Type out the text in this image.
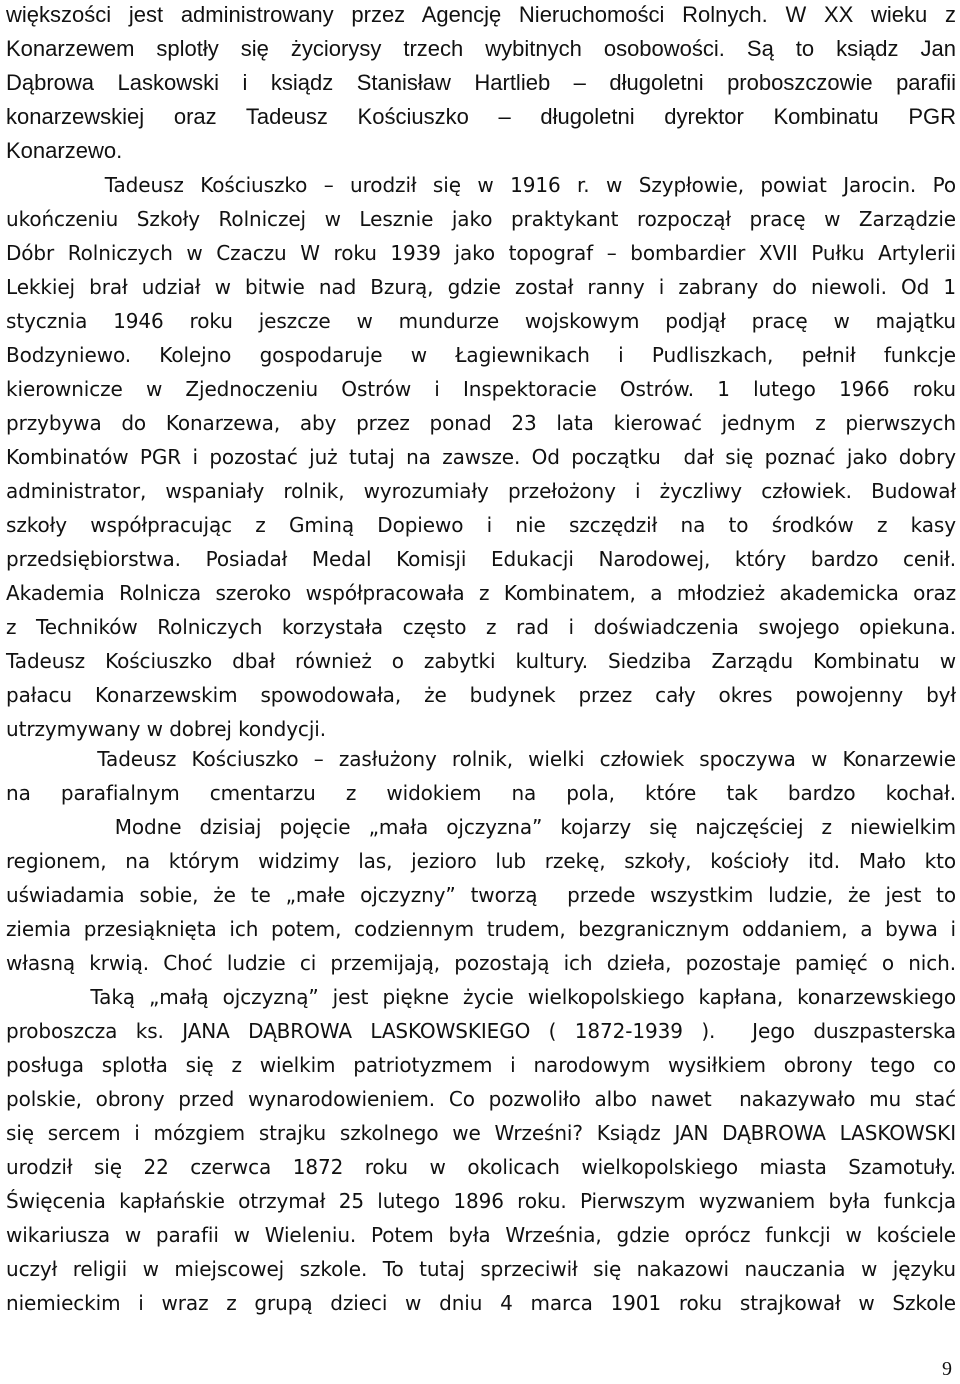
większości jest administrowany przez Agencję Nieruchomości Rolnych. W XX wieku z
Konarzewem splotły się życiorysy trzech wybitnych osobowości. Są to ksiądz Jan
Dąbrowa Laskowski i ksiądz Stanisław Hartlieb – długoletni proboszczowie parafii
konarzewskiej oraz Tadeusz Kościuszko – długoletni dyrektor Kombinatu PGR
Konarzewo.
Tadeusz Kościuszko – urodził się w 1916 r. w Szypłowie, powiat Jarocin. Po
ukończeniu Szkoły Rolniczej w Lesznie jako praktykant rozpoczął pracę w Zarządzie
Dóbr Rolniczych w Czaczu W roku 1939 jako topograf – bombardier XVII Pułku Artylerii
Lekkiej brał udział w bitwie nad Bzurą, gdzie został ranny i zabrany do niewoli. Od 1
stycznia 1946 roku jeszcze w mundurze wojskowym podjął pracę w majątku
Bodzyniewo. Kolejno gospodaruje w Łagiewnikach i Pudliszkach, pełnił funkcje
kierownicze w Zjednoczeniu Ostrów i Inspektoracie Ostrów. 1 lutego 1966 roku
przybywa do Konarzewa, aby przez ponad 23 lata kierować jednym z pierwszych
Kombinatów PGR i pozostać już tutaj na zawsze. Od początku  dał się poznać jako dobry
administrator, wspaniały rolnik, wyrozumiały przełożony i życzliwy człowiek. Budował
szkoły współpracując z Gminą Dopiewo i nie szczędził na to środków z kasy
przedsiębiorstwa. Posiadał Medal Komisji Edukacji Narodowej, który bardzo cenił.
Akademia Rolnicza szeroko współpracowała z Kombinatem, a młodzież akademicka oraz
z Techników Rolniczych korzystała często z rad i doświadczenia swojego opiekuna.
Tadeusz Kościuszko dbał również o zabytki kultury. Siedziba Zarządu Kombinatu w
pałacu Konarzewskim spowodowała, że budynek przez cały okres powojenny był
utrzymywany w dobrej kondycji.
Tadeusz Kościuszko – zasłużony rolnik, wielki człowiek spoczywa w Konarzewie
na parafialnym cmentarzu z widokiem na pola, które tak bardzo kochał.
Modne dzisiaj pojęcie „mała ojczyzna” kojarzy się najczęściej z niewielkim
regionem, na którym widzimy las, jezioro lub rzekę, szkoły, kościoły itd. Mało kto
uświadamia sobie, że te „małe ojczyzny” tworzą  przede wszystkim ludzie, że jest to
ziemia przesiąknięta ich potem, codziennym trudem, bezgranicznym oddaniem, a bywa i
własną krwią. Choć ludzie ci przemijają, pozostają ich dzieła, pozostaje pamięć o nich.
Taką „małą ojczyzną” jest piękne życie wielkopolskiego kapłana, konarzewskiego
proboszcza ks. JANA DĄBROWA LASKOWSKIEGO ( 1872-1939 ).  Jego duszpasterska
posługa splotła się z wielkim patriotyzmem i narodowym wysiłkiem obrony tego co
polskie, obrony przed wynarodowieniem. Co pozwoliło albo nawet  nakazywało mu stać
się sercem i mózgiem strajku szkolnego we Wrześni? Ksiądz JAN DĄBROWA LASKOWSKI
urodził się 22 czerwca 1872 roku w okolicach wielkopolskiego miasta Szamotuły.
Święcenia kapłańskie otrzymał 25 lutego 1896 roku. Pierwszym wyzwaniem była funkcja
wikariusza w parafii w Wieleniu. Potem była Września, gdzie oprócz funkcji w kościele
uczył religii w miejscowej szkole. To tutaj sprzeciwił się nakazowi nauczania w języku
niemieckim i wraz z grupą dzieci w dniu 4 marca 1901 roku strajkował w Szkole
9
